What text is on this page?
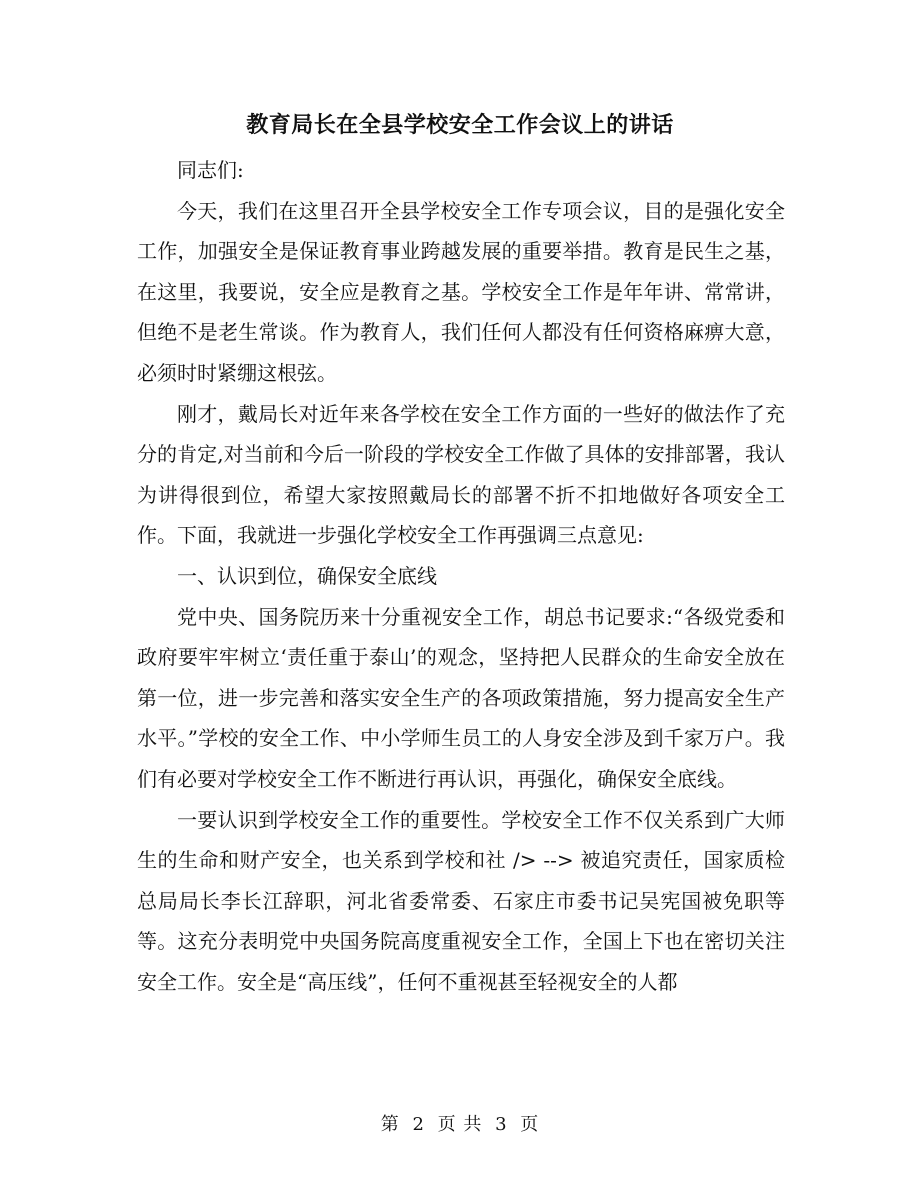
教育局长在全县学校安全工作会议上的讲话

同志们:

今天，我们在这里召开全县学校安全工作专项会议，目的是强化安全工作，加强安全是保证教育事业跨越发展的重要举措。教育是民生之基，在这里，我要说，安全应是教育之基。学校安全工作是年年讲、常常讲，但绝不是老生常谈。作为教育人，我们任何人都没有任何资格麻痹大意，必须时时紧绷这根弦。

刚才，戴局长对近年来各学校在安全工作方面的一些好的做法作了充分的肯定,对当前和今后一阶段的学校安全工作做了具体的安排部署，我认为讲得很到位，希望大家按照戴局长的部署不折不扣地做好各项安全工作。下面，我就进一步强化学校安全工作再强调三点意见:

一、认识到位，确保安全底线

党中央、国务院历来十分重视安全工作，胡总书记要求:“各级党委和政府要牢牢树立‘责任重于泰山’的观念，坚持把人民群众的生命安全放在第一位，进一步完善和落实安全生产的各项政策措施，努力提高安全生产水平。”学校的安全工作、中小学师生员工的人身安全涉及到千家万户。我们有必要对学校安全工作不断进行再认识，再强化，确保安全底线。

一要认识到学校安全工作的重要性。学校安全工作不仅关系到广大师生的生命和财产安全，也关系到学校和社 /> --> 被追究责任，国家质检总局局长李长江辞职，河北省委常委、石家庄市委书记吴宪国被免职等等。这充分表明党中央国务院高度重视安全工作，全国上下也在密切关注安全工作。安全是“高压线”，任何不重视甚至轻视安全的人都

第 2 页 共 3 页
